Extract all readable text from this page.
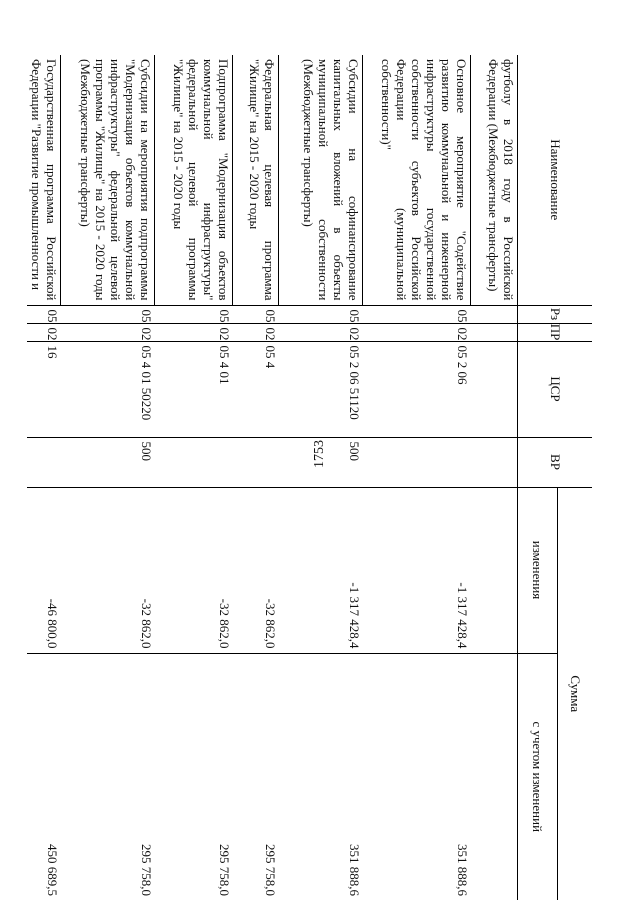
1753
Наименование	Рз	ПР	ЦСР	ВР	Сумма	
					изменения	с учетом изменений
футболу в 2018 году в Российской Федерации (Межбюджетные трансферты)						
Основное мероприятие "Содействие развитию коммунальной и инженерной инфраструктуры государственной собственности субъектов Российской Федерации (муниципальной собственности)"	05	02	05 2 06		-1 317 428,4	351 888,6
Субсидии на софинансирование капитальных вложений в объекты муниципальной собственности (Межбюджетные трансферты)	05	02	05 2 06 51120	500	-1 317 428,4	351 888,6
Федеральная целевая программа "Жилище" на 2015 - 2020 годы	05	02	05 4		-32 862,0	295 758,0
Подпрограмма "Модернизация объектов коммунальной инфраструктуры" федеральной целевой программы "Жилище" на 2015 - 2020 годы	05	02	05 4 01		-32 862,0	295 758,0
Субсидии на мероприятия подпрограммы "Модернизация объектов коммунальной инфраструктуры" федеральной целевой программы "Жилище" на 2015 - 2020 годы (Межбюджетные трансферты)	05	02	05 4 01 50220	500	-32 862,0	295 758,0
Государственная программа Российской Федерации "Развитие промышленности и	05	02	16		-46 800,0	450 689,5
